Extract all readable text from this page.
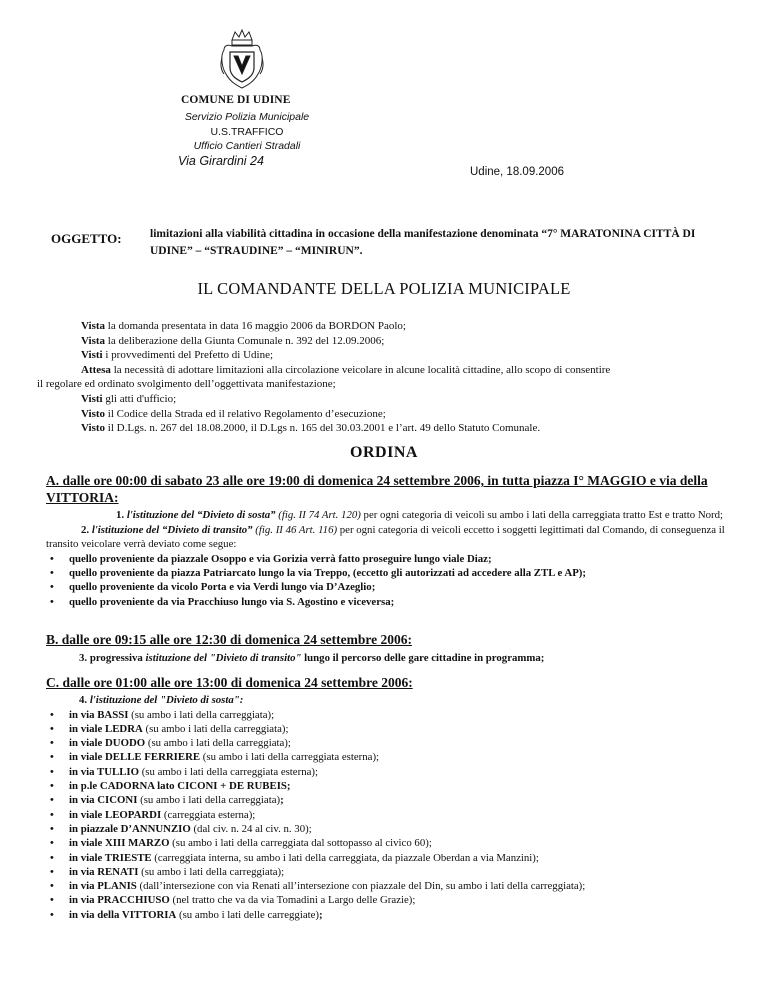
COMUNE DI UDINE
Servizio Polizia Municipale
U.S.TRAFFICO
Ufficio Cantieri Stradali
Via Girardini 24
Udine, 18.09.2006
OGGETTO: limitazioni alla viabilità cittadina in occasione della manifestazione denominata “7° MARATONINA CITTÀ DI UDINE” – “STRAUDINE” – “MINIRUN”.
IL COMANDANTE DELLA POLIZIA MUNICIPALE

Vista la domanda presentata in data 16 maggio 2006 da BORDON Paolo;

Vista la deliberazione della Giunta Comunale n. 392 del 12.09.2006;

Visti i provvedimenti del Prefetto di Udine;

Attesa la necessità di adottare limitazioni alla circolazione veicolare in alcune località cittadine, allo scopo di consentire

il regolare ed ordinato svolgimento dell’oggettivata manifestazione;

Visti gli atti d'ufficio;

Visto il Codice della Strada ed il relativo Regolamento d’esecuzione;

Visto il D.Lgs. n. 267 del 18.08.2000, il D.Lgs n. 165 del 30.03.2001 e l’art. 49 dello Statuto Comunale.

ORDINA
A. dalle ore 00:00 di sabato 23 alle ore 19:00 di domenica 24 settembre 2006, in tutta piazza I° MAGGIO e via della VITTORIA:

1. l'istituzione del “Divieto di sosta” (fig. II 74 Art. 120) per ogni categoria di veicoli su ambo i lati della carreggiata tratto Est e tratto Nord;

2. l'istituzione del “Divieto di transito” (fig. II 46 Art. 116) per ogni categoria di veicoli eccetto i soggetti legittimati dal Comando, di conseguenza il transito veicolare verrà deviato come segue:

• quello proveniente da piazzale Osoppo e via Gorizia verrà fatto proseguire lungo viale Diaz;
• quello proveniente da piazza Patriarcato lungo la via Treppo, (eccetto gli autorizzati ad accedere alla ZTL e AP);
• quello proveniente da vicolo Porta e via Verdi lungo via D’Azeglio;
• quello proveniente da via Pracchiuso lungo via S. Agostino e viceversa;
B. dalle ore 09:15 alle ore 12:30 di domenica 24 settembre 2006:

3. progressiva istituzione del "Divieto di transito" lungo il percorso delle gare cittadine in programma;

C. dalle ore 01:00 alle ore 13:00 di domenica 24 settembre 2006:

4. l'istituzione del "Divieto di sosta":

• in via BASSI (su ambo i lati della carreggiata);
• in viale LEDRA (su ambo i lati della carreggiata);
• in viale DUODO (su ambo i lati della carreggiata);
• in viale DELLE FERRIERE (su ambo i lati della carreggiata esterna);
• in via TULLIO (su ambo i lati della carreggiata esterna);
• in p.le CADORNA lato CICONI + DE RUBEIS;
• in via CICONI (su ambo i lati della carreggiata);
• in viale LEOPARDI (carreggiata esterna);
• in piazzale D’ANNUNZIO (dal civ. n. 24 al civ. n. 30);
• in viale XIII MARZO (su ambo i lati della carreggiata dal sottopasso al civico 60);
• in viale TRIESTE (carreggiata interna, su ambo i lati della carreggiata, da piazzale Oberdan a via Manzini);
• in via RENATI (su ambo i lati della carreggiata);
• in via PLANIS (dall’intersezione con via Renati all’intersezione con piazzale del Din, su ambo i lati della carreggiata);
• in via PRACCHIUSO (nel tratto che va da via Tomadini a Largo delle Grazie);
• in via della VITTORIA (su ambo i lati delle carreggiate);
